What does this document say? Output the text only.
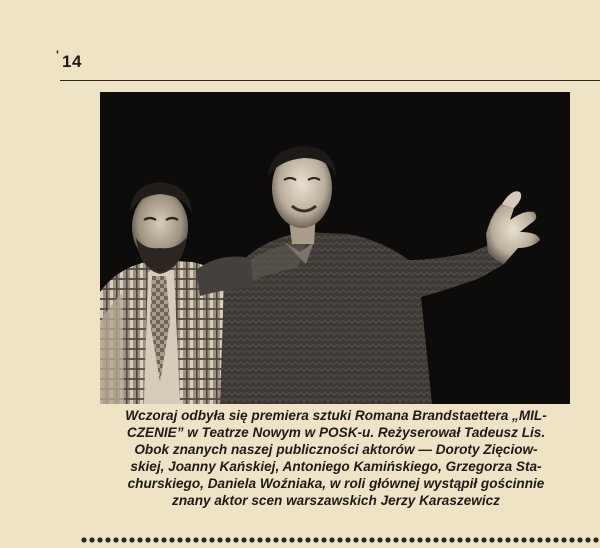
' 14
Wczoraj odbyła się premiera sztuki Romana Brandstaettera „MIL-
CZENIE” w Teatrze Nowym w POSK-u. Reżyserował Tadeusz Lis.
Obok znanych naszej publiczności aktorów — Doroty Zięciow-
skiej, Joanny Kańskiej, Antoniego Kamińskiego, Grzegorza Sta-
churskiego, Daniela Woźniaka, w roli głównej wystąpił gościnnie
znany aktor scen warszawskich Jerzy Karaszewicz
